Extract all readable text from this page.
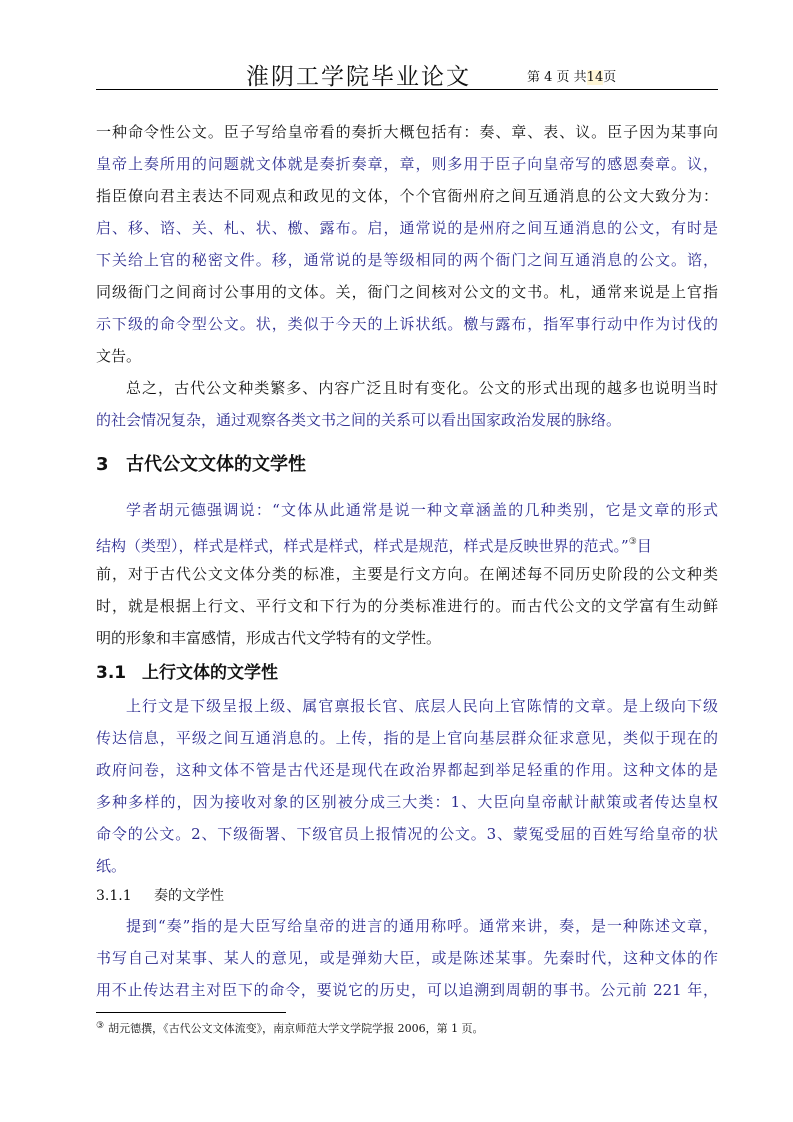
淮阴工学院毕业论文	第 4 页 共14页
一种命令性公文。臣子写给皇帝看的奏折大概包括有：奏、章、表、议。臣子因为某事向
皇帝上奏所用的问题就文体就是奏折奏章，章，则多用于臣子向皇帝写的感恩奏章。议，
指臣僚向君主表达不同观点和政见的文体，个个官衙州府之间互通消息的公文大致分为：
启、移、谘、关、札、状、檄、露布。启，通常说的是州府之间互通消息的公文，有时是
下关给上官的秘密文件。移，通常说的是等级相同的两个衙门之间互通消息的公文。谘，
同级衙门之间商讨公事用的文体。关，衙门之间核对公文的文书。札，通常来说是上官指
示下级的命令型公文。状，类似于今天的上诉状纸。檄与露布，指军事行动中作为讨伐的
文告。
总之，古代公文种类繁多、内容广泛且时有变化。公文的形式出现的越多也说明当时
的社会情况复杂，通过观察各类文书之间的关系可以看出国家政治发展的脉络。
3 古代公文文体的文学性
学者胡元德强调说：“文体从此通常是说一种文章涵盖的几种类别，它是文章的形式
结构（类型），样式是样式，样式是样式，样式是规范，样式是反映世界的范式。”③目
前，对于古代公文文体分类的标准，主要是行文方向。在阐述每不同历史阶段的公文种类
时，就是根据上行文、平行文和下行为的分类标准进行的。而古代公文的文学富有生动鲜
明的形象和丰富感情，形成古代文学特有的文学性。
3.1 上行文体的文学性
上行文是下级呈报上级、属官禀报长官、底层人民向上官陈情的文章。是上级向下级
传达信息，平级之间互通消息的。上传，指的是上官向基层群众征求意见，类似于现在的
政府问卷，这种文体不管是古代还是现代在政治界都起到举足轻重的作用。这种文体的是
多种多样的，因为接收对象的区别被分成三大类：1、大臣向皇帝献计献策或者传达皇权
命令的公文。2、下级衙署、下级官员上报情况的公文。3、蒙冤受屈的百姓写给皇帝的状
纸。
3.1.1 奏的文学性
提到“奏”指的是大臣写给皇帝的进言的通用称呼。通常来讲，奏，是一种陈述文章，
书写自己对某事、某人的意见，或是弹劾大臣，或是陈述某事。先秦时代，这种文体的作
用不止传达君主对臣下的命令，要说它的历史，可以追溯到周朝的事书。公元前 221 年，
③ 胡元德撰，《古代公文文体流变》，南京师范大学文学院学报 2006，第 1 页。
